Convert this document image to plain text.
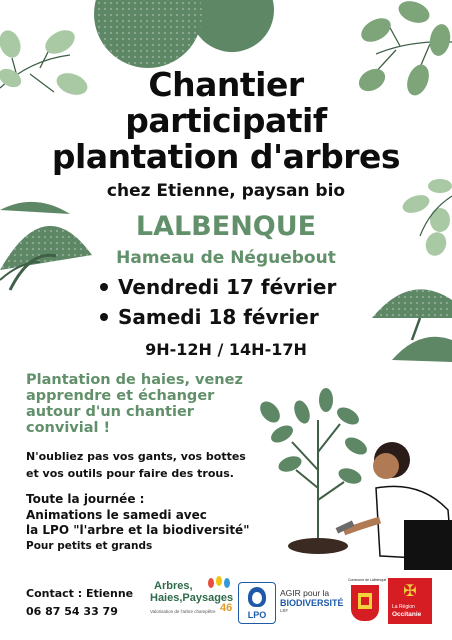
Chantier
participatif
plantation d'arbres
chez Etienne, paysan bio
LALBENQUE
Hameau de Néguebout
Vendredi 17 février
Samedi 18 février
9H-12H / 14H-17H
Plantation de haies, venez
apprendre et échanger
autour d'un chantier
convivial !
N'oubliez pas vos gants, vos bottes
et vos outils pour faire des trous.
Toute la journée :
Animations le samedi avec
la LPO "l'arbre et la biodiversité"
Pour petits et grands
Contact : Etienne
06 87 54 33 79
Arbres,
Haies,Paysages
46
Valorisation de l'arbre champêtre	LPO
AGIR pour la
BIODIVERSITÉ
LBF
Commune de Lalbenque
✠
La Région
Occitanie
